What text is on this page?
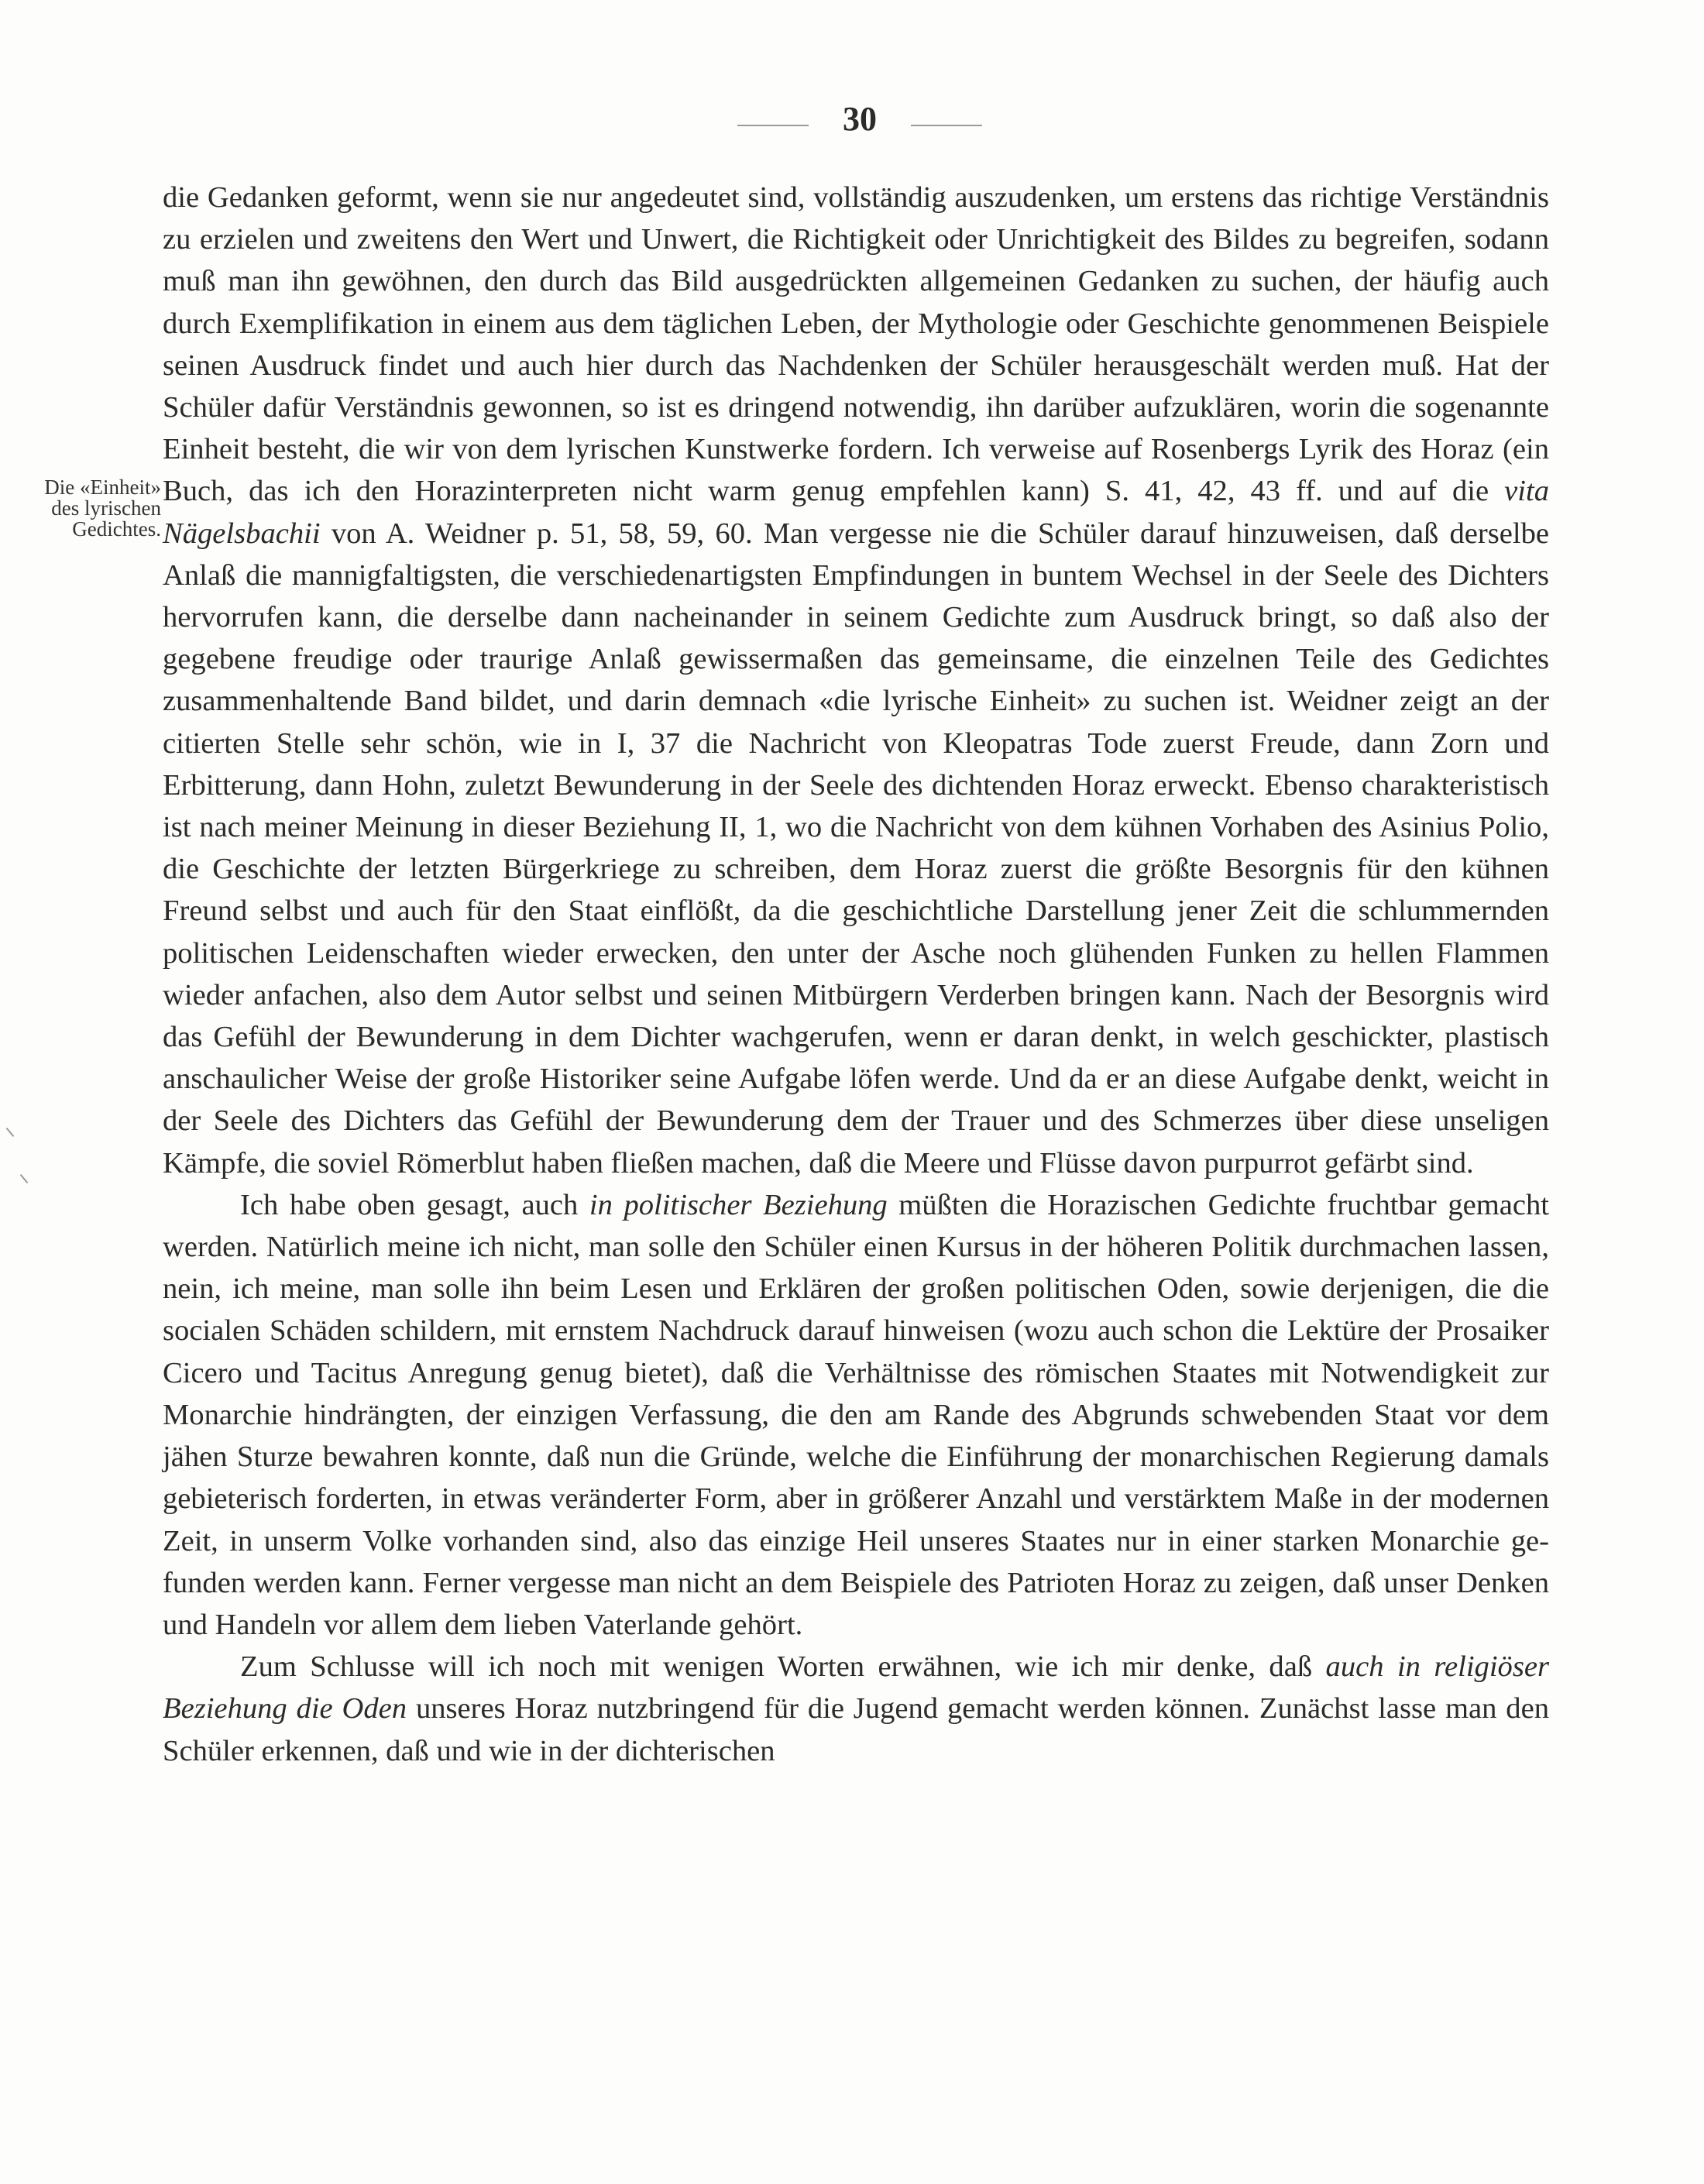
30
Die «Einheit»
des lyrischen
Gedichtes.

die Gedanken geformt, wenn sie nur angedeutet sind, vollständig auszudenken, um erstens das richtige Verständnis zu erzielen und zweitens den Wert und Unwert, die Richtigkeit oder Unrichtigkeit des Bildes zu begreifen, sodann muß man ihn gewöhnen, den durch das Bild ausgedrückten allgemeinen Gedanken zu suchen, der häufig auch durch Exemplifikation in einem aus dem täglichen Leben, der Mythologie oder Geschichte genommenen Beispiele seinen Ausdruck findet und auch hier durch das Nachdenken der Schüler herausgeschält werden muß. Hat der Schüler dafür Verständnis gewonnen, so ist es dringend notwendig, ihn darüber aufzuklären, worin die sogenannte Einheit besteht, die wir von dem lyrischen Kunstwerke fordern. Ich verweise auf Rosenbergs Lyrik des Horaz (ein Buch, das ich den Horazinterpreten nicht warm genug empfehlen kann) S. 41, 42, 43 ff. und auf die vita Nägelsbachii von A. Weidner p. 51, 58, 59, 60. Man vergesse nie die Schüler darauf hinzuweisen, daß derselbe Anlaß die mannigfaltigsten, die verschiedenartigsten Empfindungen in buntem Wechsel in der Seele des Dichters hervorrufen kann, die derselbe dann nacheinander in seinem Gedichte zum Ausdruck bringt, so daß also der gegebene freudige oder traurige Anlaß gewissermaßen das gemeinsame, die einzelnen Teile des Gedichtes zusammenhaltende Band bildet, und darin demnach «die lyrische Einheit» zu suchen ist. Weidner zeigt an der citierten Stelle sehr schön, wie in I, 37 die Nachricht von Kleopatras Tode zuerst Freude, dann Zorn und Erbitterung, dann Hohn, zuletzt Bewunderung in der Seele des dichtenden Horaz erweckt. Ebenso charakteristisch ist nach meiner Meinung in dieser Beziehung II, 1, wo die Nachricht von dem kühnen Vorhaben des Asinius Polio, die Geschichte der letzten Bürgerkriege zu schreiben, dem Horaz zuerst die größte Besorgnis für den kühnen Freund selbst und auch für den Staat einflößt, da die geschichtliche Darstellung jener Zeit die schlummernden politischen Leidenschaften wieder erwecken, den unter der Asche noch glühenden Funken zu hellen Flammen wieder anfachen, also dem Autor selbst und seinen Mitbürgern Verderben bringen kann. Nach der Besorgnis wird das Gefühl der Bewunderung in dem Dichter wachgerufen, wenn er daran denkt, in welch geschickter, plastisch anschaulicher Weise der große Historiker seine Aufgabe löfen werde. Und da er an diese Aufgabe denkt, weicht in der Seele des Dichters das Gefühl der Bewunderung dem der Trauer und des Schmerzes über diese unseligen Kämpfe, die soviel Römerblut haben fließen machen, daß die Meere und Flüsse davon purpurrot gefärbt sind.

Ich habe oben gesagt, auch in politischer Beziehung müßten die Horazischen Gedichte fruchtbar gemacht werden. Natürlich meine ich nicht, man solle den Schüler einen Kursus in der höheren Politik durchmachen lassen, nein, ich meine, man solle ihn beim Lesen und Erklären der großen politischen Oden, sowie derjenigen, die die socialen Schäden schildern, mit ernstem Nachdruck darauf hinweisen (wozu auch schon die Lektüre der Prosaiker Cicero und Tacitus Anregung genug bietet), daß die Verhältnisse des römischen Staates mit Notwendigkeit zur Monarchie hindrängten, der einzigen Verfassung, die den am Rande des Abgrunds schwebenden Staat vor dem jähen Sturze bewahren konnte, daß nun die Gründe, welche die Einführung der monarchischen Regierung damals gebieterisch forderten, in etwas veränderter Form, aber in größerer Anzahl und verstärktem Maße in der modernen Zeit, in unserm Volke vorhanden sind, also das einzige Heil unseres Staates nur in einer starken Monarchie gefunden werden kann. Ferner vergesse man nicht an dem Beispiele des Patrioten Horaz zu zeigen, daß unser Denken und Handeln vor allem dem lieben Vaterlande gehört.

Zum Schlusse will ich noch mit wenigen Worten erwähnen, wie ich mir denke, daß auch in religiöser Beziehung die Oden unseres Horaz nutzbringend für die Jugend gemacht werden können. Zunächst lasse man den Schüler erkennen, daß und wie in der dichterischen
